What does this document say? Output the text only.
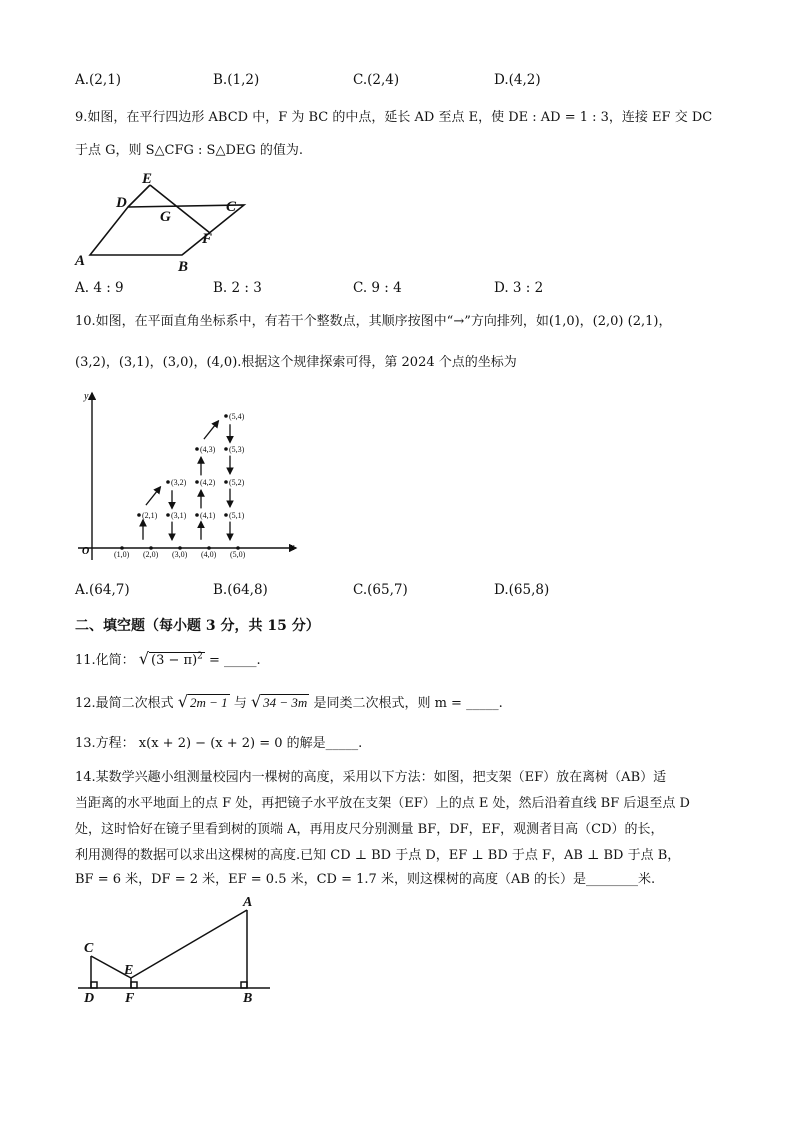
A.(2,1)	B.(1,2)	C.(2,4)	D.(4,2)
9.如图，在平行四边形 ABCD 中，F 为 BC 的中点，延长 AD 至点 E，使 DE : AD = 1 : 3，连接 EF 交 DC
于点 G，则 S△CFG : S△DEG 的值为.
A	B
C
D
E
F
G
A. 4 : 9	B. 2 : 3	C. 9 : 4	D. 3 : 2
10.如图，在平面直角坐标系中，有若干个整数点，其顺序按图中“→”方向排列，如(1,0)，(2,0) (2,1)，
(3,2)，(3,1)，(3,0)，(4,0).根据这个规律探索可得，第 2024 个点的坐标为
y
x
O	(1,0) (2,0) (3,0) (4,0) (5,0)
(2,1) (3,1) (4,1) (5,1)
(3,2) (4,2) (5,2)
(4,3) (5,3)
(5,4)
A.(64,7)	B.(64,8)	C.(65,7)	D.(65,8)
二、填空题（每小题 3 分，共 15 分）
11.化简： √ $(3 - \pi)^2$ = _____.
12.最简二次根式 √ 2m − 1 与 √ 34 − 3m 是同类二次根式，则 m = _____.
13.方程： x(x + 2) − (x + 2) = 0 的解是_____.
14.某数学兴趣小组测量校园内一棵树的高度，采用以下方法：如图，把支架（EF）放在离树（AB）适
当距离的水平地面上的点 F 处，再把镜子水平放在支架（EF）上的点 E 处，然后沿着直线 BF 后退至点 D
处，这时恰好在镜子里看到树的顶端 A，再用皮尺分别测量 BF，DF，EF，观测者目高（CD）的长，
利用测得的数据可以求出这棵树的高度.已知 CD ⊥ BD 于点 D，EF ⊥ BD 于点 F，AB ⊥ BD 于点 B，
BF = 6 米，DF = 2 米，EF = 0.5 米，CD = 1.7 米，则这棵树的高度（AB 的长）是________米.
A
B
C
D
E
F
